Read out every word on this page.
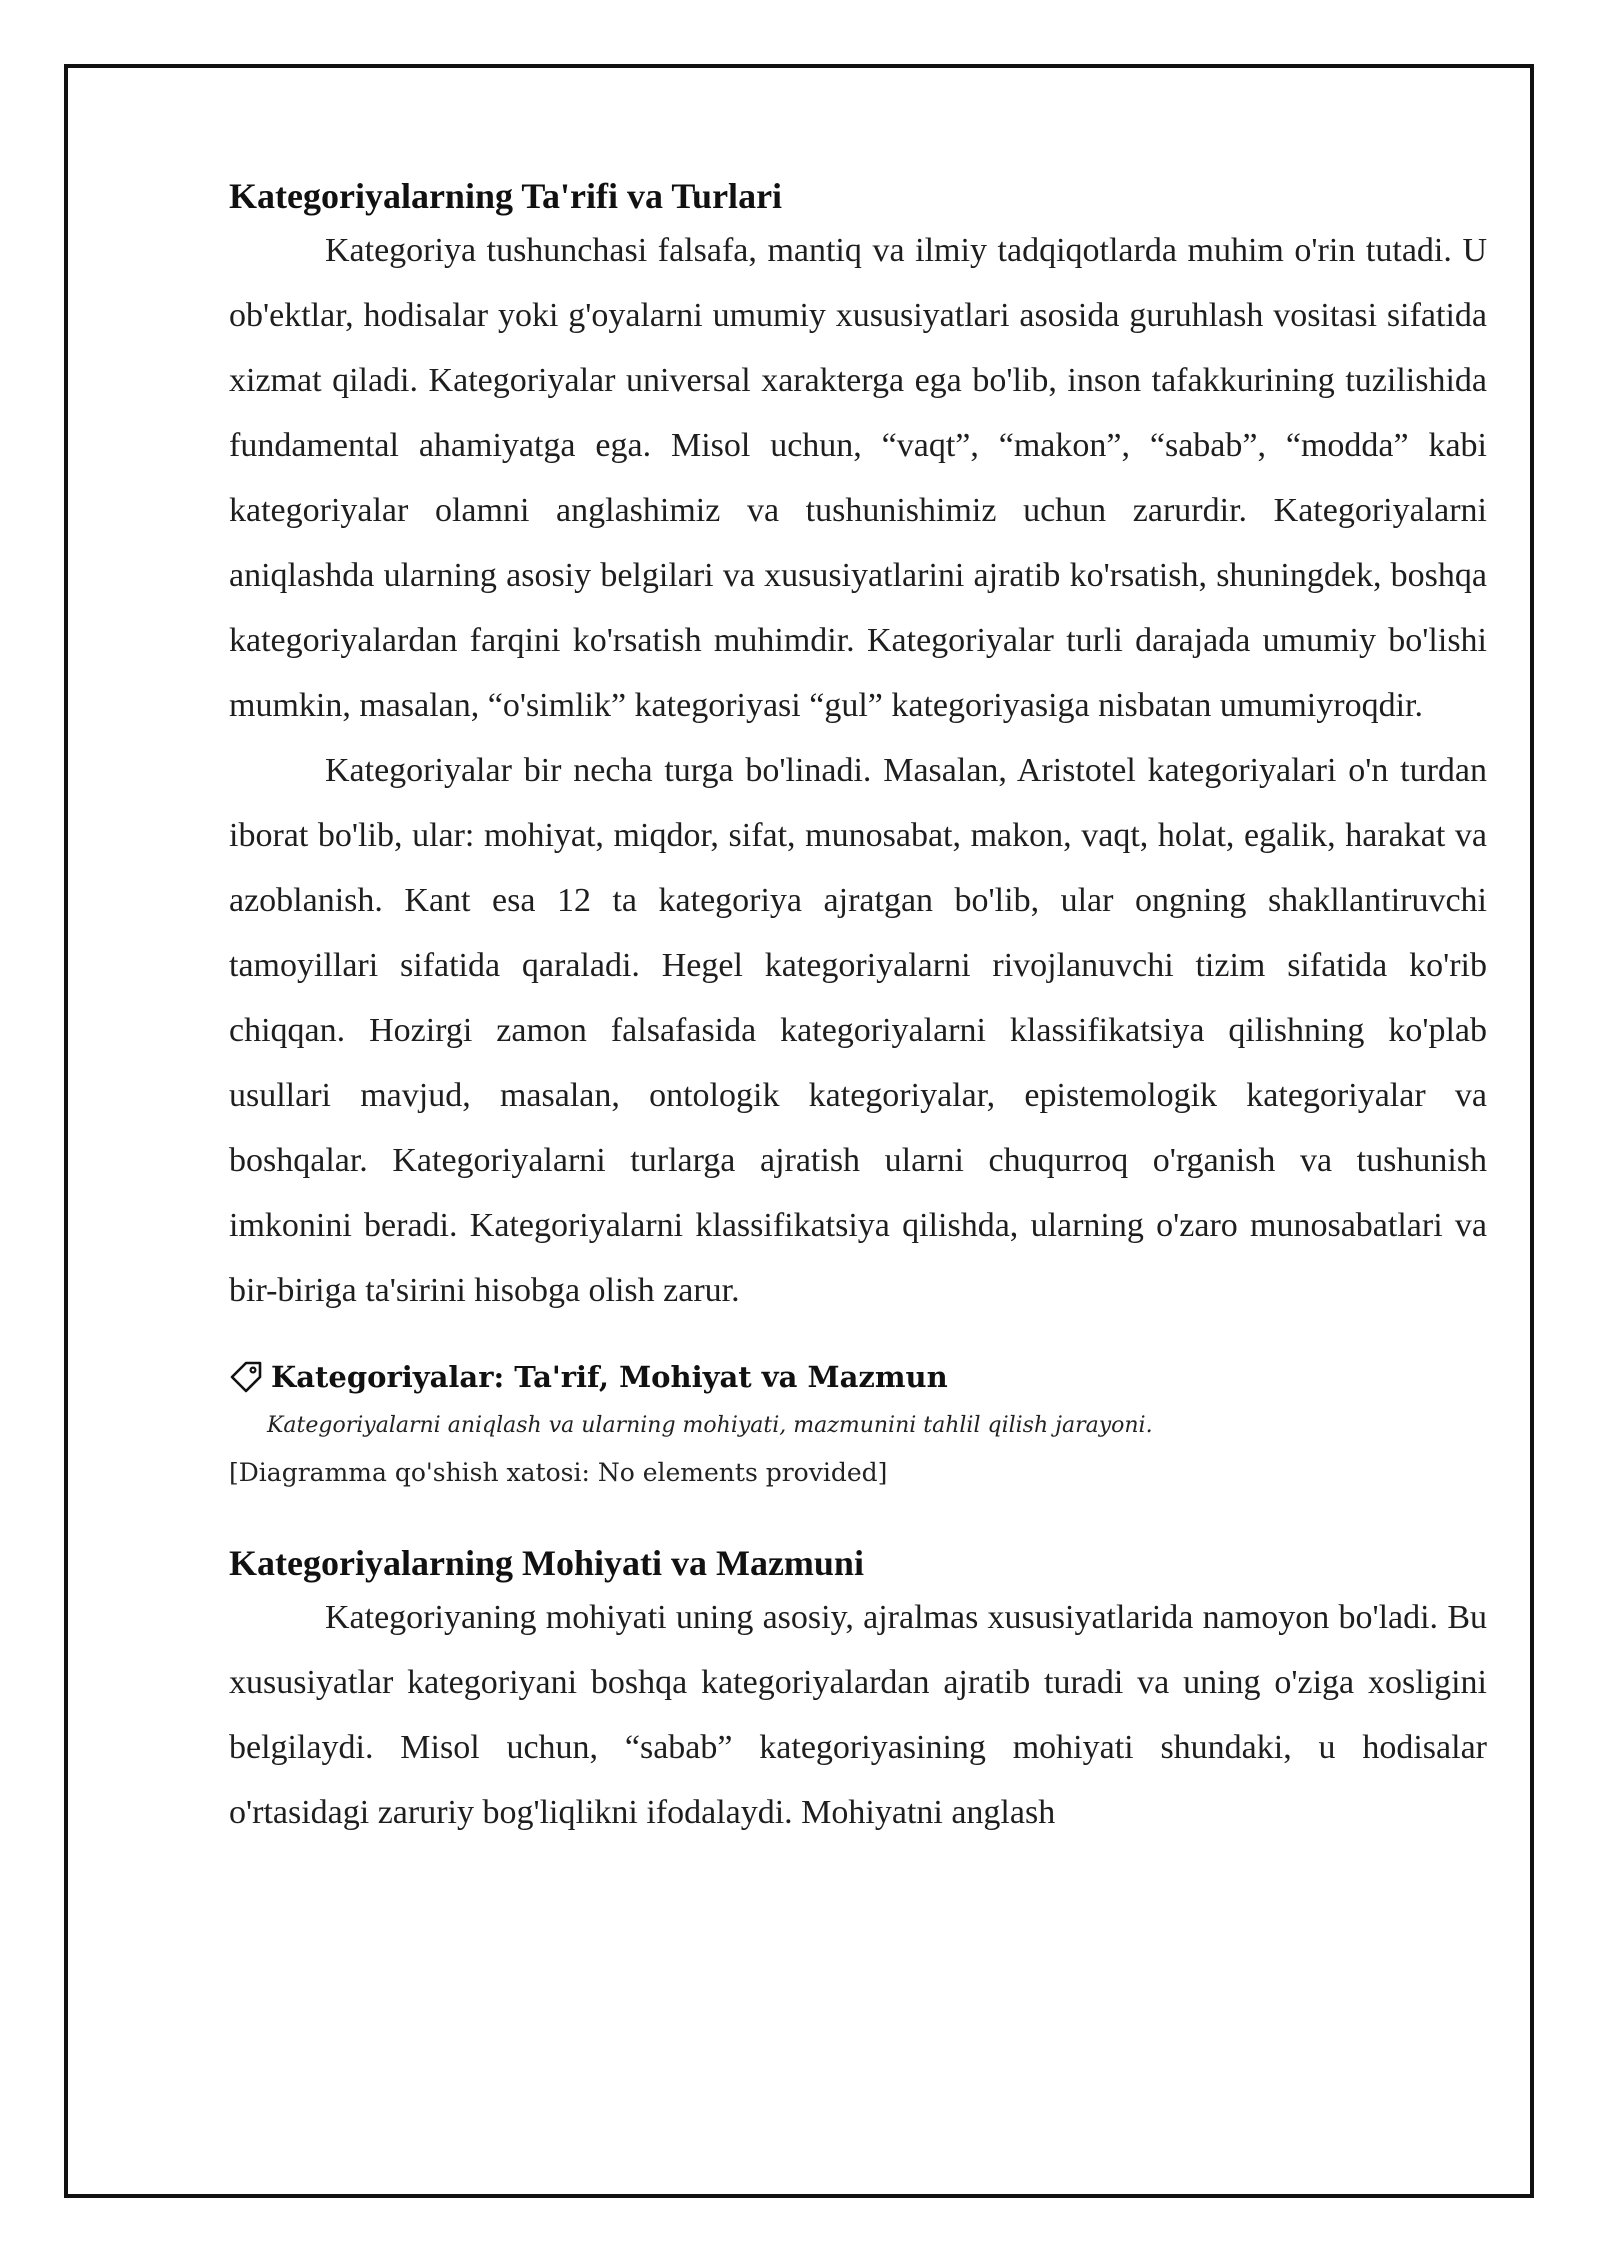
Kategoriyalarning Ta'rifi va Turlari

Kategoriya tushunchasi falsafa, mantiq va ilmiy tadqiqotlarda muhim o'rin tutadi. U ob'ektlar, hodisalar yoki g'oyalarni umumiy xususiyatlari asosida guruhlash vositasi sifatida xizmat qiladi. Kategoriyalar universal xarakterga ega bo'lib, inson tafakkurining tuzilishida fundamental ahamiyatga ega. Misol uchun, “vaqt”, “makon”, “sabab”, “modda” kabi kategoriyalar olamni anglashimiz va tushunishimiz uchun zarurdir. Kategoriyalarni aniqlashda ularning asosiy belgilari va xususiyatlarini ajratib ko'rsatish, shuningdek, boshqa kategoriyalardan farqini ko'rsatish muhimdir. Kategoriyalar turli darajada umumiy bo'lishi mumkin, masalan, “o'simlik” kategoriyasi “gul” kategoriyasiga nisbatan umumiyroqdir.

Kategoriyalar bir necha turga bo'linadi. Masalan, Aristotel kategoriyalari o'n turdan iborat bo'lib, ular: mohiyat, miqdor, sifat, munosabat, makon, vaqt, holat, egalik, harakat va azoblanish. Kant esa 12 ta kategoriya ajratgan bo'lib, ular ongning shakllantiruvchi tamoyillari sifatida qaraladi. Hegel kategoriyalarni rivojlanuvchi tizim sifatida ko'rib chiqqan. Hozirgi zamon falsafasida kategoriyalarni klassifikatsiya qilishning ko'plab usullari mavjud, masalan, ontologik kategoriyalar, epistemologik kategoriyalar va boshqalar. Kategoriyalarni turlarga ajratish ularni chuqurroq o'rganish va tushunish imkonini beradi. Kategoriyalarni klassifikatsiya qilishda, ularning o'zaro munosabatlari va bir-biriga ta'sirini hisobga olish zarur.

Kategoriyalar: Ta'rif, Mohiyat va Mazmun
Kategoriyalarni aniqlash va ularning mohiyati, mazmunini tahlil qilish jarayoni.
[Diagramma qo'shish xatosi: No elements provided]
Kategoriyalarning Mohiyati va Mazmuni

Kategoriyaning mohiyati uning asosiy, ajralmas xususiyatlarida namoyon bo'ladi. Bu xususiyatlar kategoriyani boshqa kategoriyalardan ajratib turadi va uning o'ziga xosligini belgilaydi. Misol uchun, “sabab” kategoriyasining mohiyati shundaki, u hodisalar o'rtasidagi zaruriy bog'liqlikni ifodalaydi. Mohiyatni anglash
